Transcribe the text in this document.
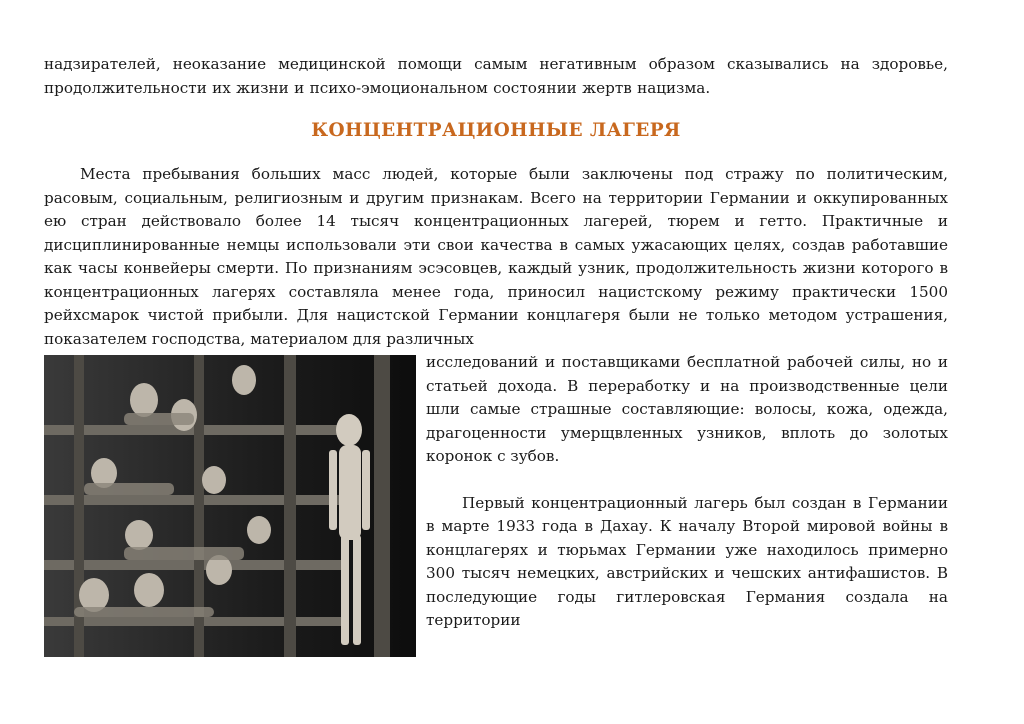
надзирателей, неоказание медицинской помощи самым негативным образом сказывались на здоровье, продолжительности их жизни и психо-эмоциональном состоянии жертв нацизма.

КОНЦЕНТРАЦИОННЫЕ ЛАГЕРЯ

Места пребывания больших масс людей, которые были заключены под стражу по политическим, расовым, социальным, религиозным и другим признакам. Всего на территории Германии и оккупированных ею стран действовало более 14 тысяч концентрационных лагерей, тюрем и гетто. Практичные и дисциплинированные немцы использовали эти свои качества в самых ужасающих целях, создав работавшие как часы конвейеры смерти. По признаниям эсэсовцев, каждый узник, продолжительность жизни которого в концентрационных лагерях составляла менее года, приносил нацистскому режиму практически 1500 рейхсмарок чистой прибыли. Для нацистской Германии концлагеря были не только методом устрашения, показателем господства, материалом для различных

исследований и поставщиками бесплатной рабочей силы, но и статьей дохода. В переработку и на производственные цели шли самые страшные составляющие: волосы, кожа, одежда, драгоценности умерщвленных узников, вплоть до золотых коронок с зубов.

Первый концентрационный лагерь был создан в Германии в марте 1933 года в Дахау. К началу Второй мировой войны в концлагерях и тюрьмах Германии уже находилось примерно 300 тысяч немецких, австрийских и чешских антифашистов. В последующие годы гитлеровская Германия создала на территории
